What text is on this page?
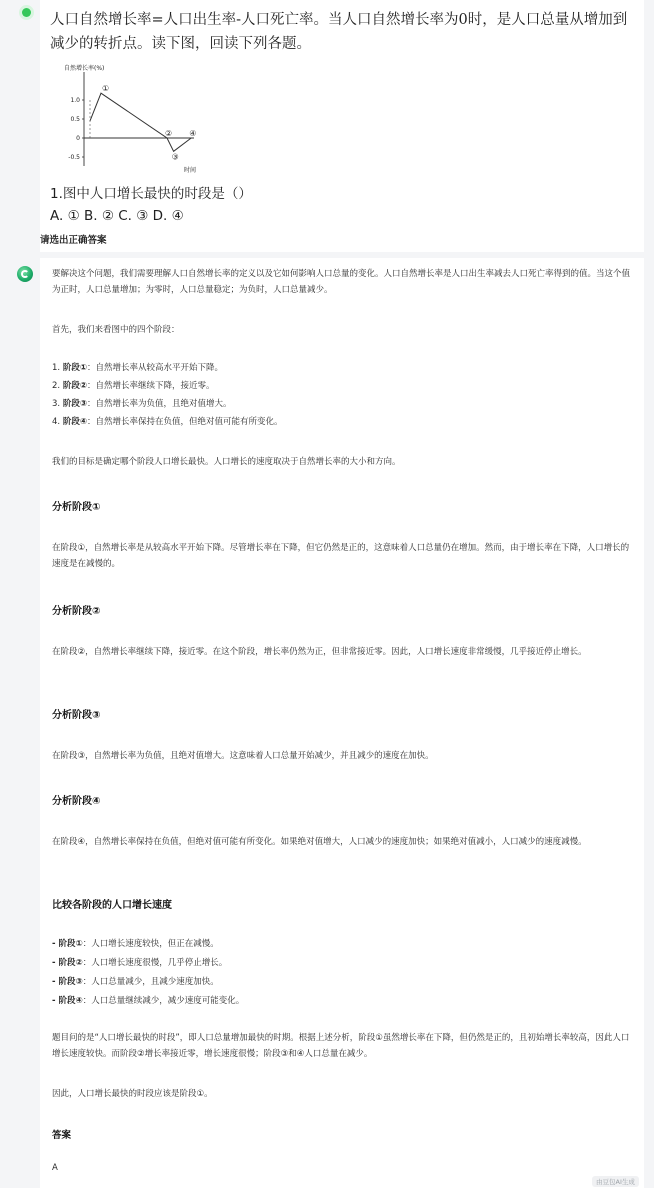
人口自然增长率=人口出生率-人口死亡率。当人口自然增长率为0时，是人口总量从增加到减少的转折点。读下图，回读下列各题。
自然增长率(%)
时间
1.0
0.5
0
-0.5
①
②
③
④
1.图中人口增长最快的时段是（）
A. ① B. ② C. ③ D. ④
请选出正确答案
要解决这个问题，我们需要理解人口自然增长率的定义以及它如何影响人口总量的变化。人口自然增长率是人口出生率减去人口死亡率得到的值。当这个值为正时，人口总量增加；为零时，人口总量稳定；为负时，人口总量减少。
首先，我们来看图中的四个阶段：
1. 阶段①：自然增长率从较高水平开始下降。
2. 阶段②：自然增长率继续下降，接近零。
3. 阶段③：自然增长率为负值，且绝对值增大。
4. 阶段④：自然增长率保持在负值，但绝对值可能有所变化。
我们的目标是确定哪个阶段人口增长最快。人口增长的速度取决于自然增长率的大小和方向。
分析阶段①
在阶段①，自然增长率是从较高水平开始下降。尽管增长率在下降，但它仍然是正的，这意味着人口总量仍在增加。然而，由于增长率在下降，人口增长的速度是在减慢的。
分析阶段②
在阶段②，自然增长率继续下降，接近零。在这个阶段，增长率仍然为正，但非常接近零。因此，人口增长速度非常缓慢，几乎接近停止增长。
分析阶段③
在阶段③，自然增长率为负值，且绝对值增大。这意味着人口总量开始减少，并且减少的速度在加快。
分析阶段④
在阶段④，自然增长率保持在负值，但绝对值可能有所变化。如果绝对值增大，人口减少的速度加快；如果绝对值减小，人口减少的速度减慢。
比较各阶段的人口增长速度
- 阶段①：人口增长速度较快，但正在减慢。
- 阶段②：人口增长速度很慢，几乎停止增长。
- 阶段③：人口总量减少，且减少速度加快。
- 阶段④：人口总量继续减少，减少速度可能变化。
题目问的是“人口增长最快的时段”，即人口总量增加最快的时期。根据上述分析，阶段①虽然增长率在下降，但仍然是正的，且初始增长率较高，因此人口增长速度较快。而阶段②增长率接近零，增长速度很慢；阶段③和④人口总量在减少。
因此，人口增长最快的时段应该是阶段①。
答案
A
由豆包AI生成
